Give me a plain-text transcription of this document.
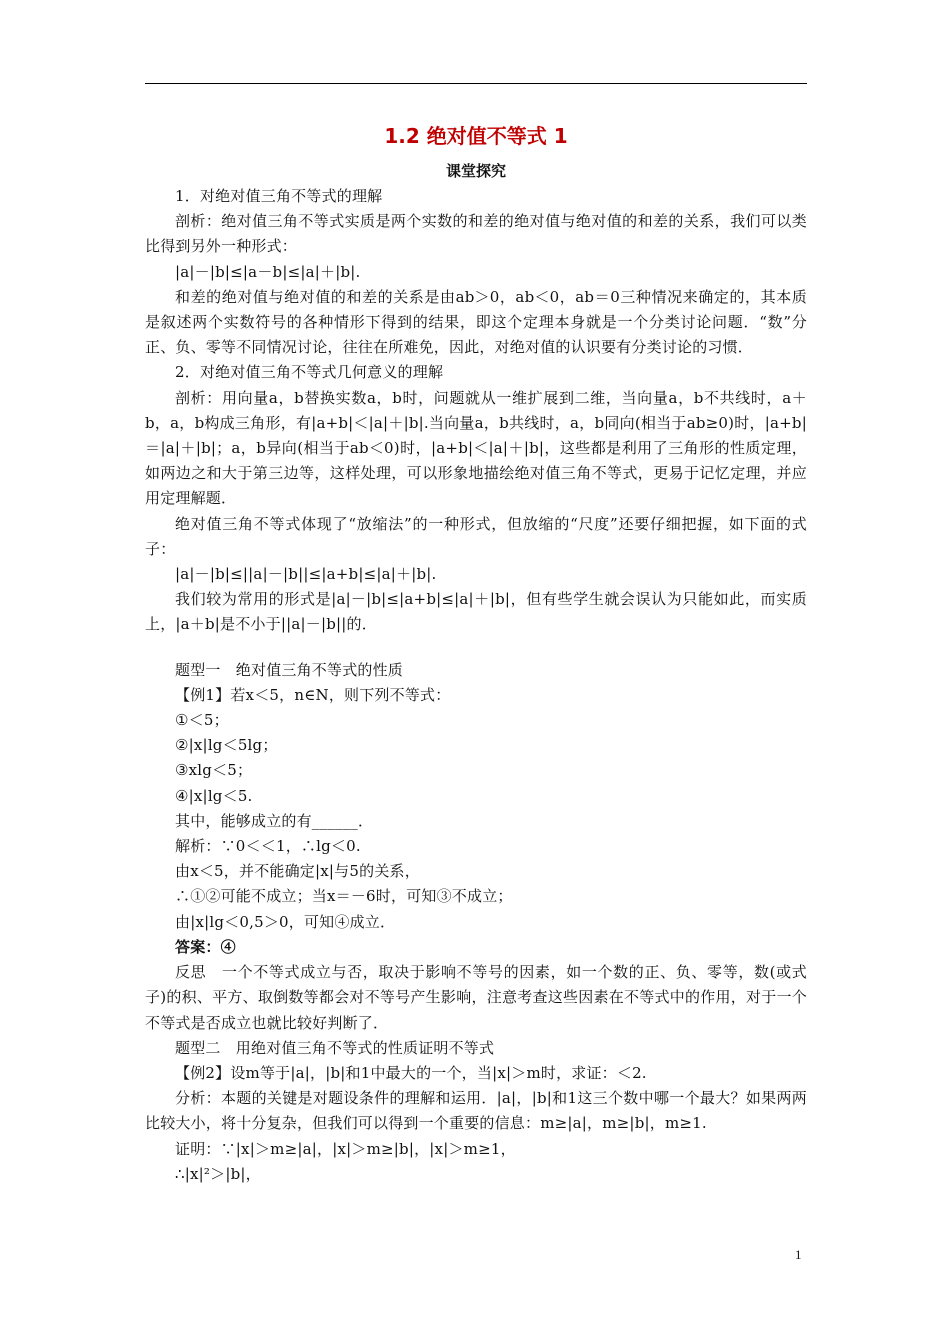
1.2 绝对值不等式 1
课堂探究
1．对绝对值三角不等式的理解
剖析：绝对值三角不等式实质是两个实数的和差的绝对值与绝对值的和差的关系，我们可以类比得到另外一种形式：
|a|－|b|≤|a－b|≤|a|＋|b|.
和差的绝对值与绝对值的和差的关系是由ab＞0，ab＜0，ab＝0三种情况来确定的，其本质是叙述两个实数符号的各种情形下得到的结果，即这个定理本身就是一个分类讨论问题．“数”分正、负、零等不同情况讨论，往往在所难免，因此，对绝对值的认识要有分类讨论的习惯．
2．对绝对值三角不等式几何意义的理解
剖析：用向量a，b替换实数a，b时，问题就从一维扩展到二维，当向量a，b不共线时，a＋b，a，b构成三角形，有|a+b|＜|a|＋|b|.当向量a，b共线时，a，b同向(相当于ab≥0)时，|a+b|＝|a|＋|b|；a，b异向(相当于ab＜0)时，|a+b|＜|a|＋|b|，这些都是利用了三角形的性质定理，如两边之和大于第三边等，这样处理，可以形象地描绘绝对值三角不等式，更易于记忆定理，并应用定理解题．
绝对值三角不等式体现了“放缩法”的一种形式，但放缩的“尺度”还要仔细把握，如下面的式子：
|a|－|b|≤||a|－|b||≤|a+b|≤|a|＋|b|.
我们较为常用的形式是|a|－|b|≤|a+b|≤|a|＋|b|，但有些学生就会误认为只能如此，而实质上，|a＋b|是不小于||a|－|b||的．
题型一　绝对值三角不等式的性质
【例1】若x＜5，n∈N，则下列不等式：
①＜5；
②|x|lg＜5lg；
③xlg＜5；
④|x|lg＜5.
其中，能够成立的有______．
解析：∵0＜＜1，∴lg＜0.
由x＜5，并不能确定|x|与5的关系，
∴①②可能不成立；当x＝－6时，可知③不成立；
由|x|lg＜0,5＞0，可知④成立．
答案：④
反思　一个不等式成立与否，取决于影响不等号的因素，如一个数的正、负、零等，数(或式子)的积、平方、取倒数等都会对不等号产生影响，注意考查这些因素在不等式中的作用，对于一个不等式是否成立也就比较好判断了．
题型二　用绝对值三角不等式的性质证明不等式
【例2】设m等于|a|，|b|和1中最大的一个，当|x|＞m时，求证：＜2.
分析：本题的关键是对题设条件的理解和运用．|a|，|b|和1这三个数中哪一个最大？如果两两比较大小，将十分复杂，但我们可以得到一个重要的信息：m≥|a|，m≥|b|，m≥1.
证明：∵|x|＞m≥|a|，|x|＞m≥|b|，|x|＞m≥1，
∴|x|²＞|b|，
1
